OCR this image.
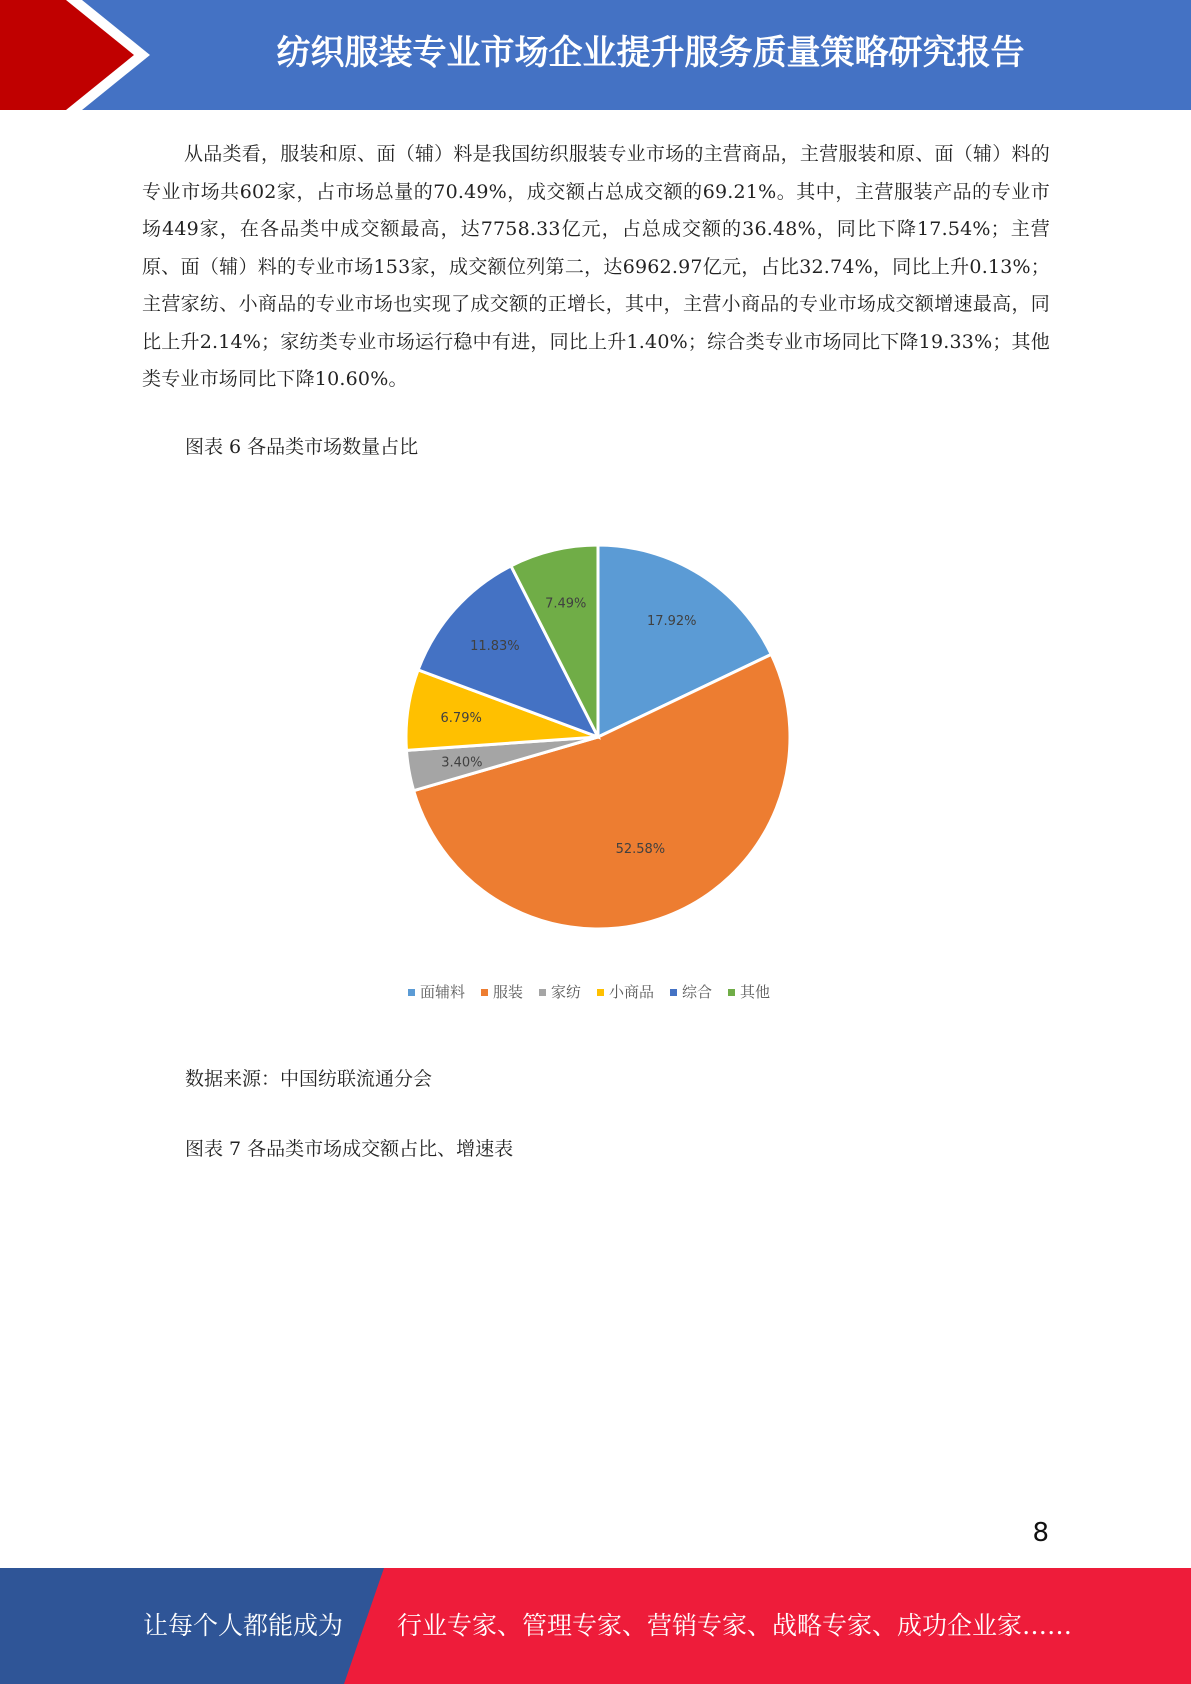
纺织服装专业市场企业提升服务质量策略研究报告

从品类看，服装和原、面（辅）料是我国纺织服装专业市场的主营商品，主营服装和原、面（辅）料的专业市场共602家，占市场总量的70.49%，成交额占总成交额的69.21%。其中，主营服装产品的专业市场449家，在各品类中成交额最高，达7758.33亿元，占总成交额的36.48%，同比下降17.54%；主营原、面（辅）料的专业市场153家，成交额位列第二，达6962.97亿元，占比32.74%，同比上升0.13%；主营家纺、小商品的专业市场也实现了成交额的正增长，其中，主营小商品的专业市场成交额增速最高，同比上升2.14%；家纺类专业市场运行稳中有进，同比上升1.40%；综合类专业市场同比下降19.33%；其他类专业市场同比下降10.60%。

图表 6 各品类市场数量占比

17.92%
52.58%
3.40%
6.79%
11.83%
7.49%
面辅料 服装 家纺 小商品 综合 其他

数据来源：中国纺联流通分会

图表 7 各品类市场成交额占比、增速表

8
让每个人都能成为 行业专家、管理专家、营销专家、战略专家、成功企业家……
